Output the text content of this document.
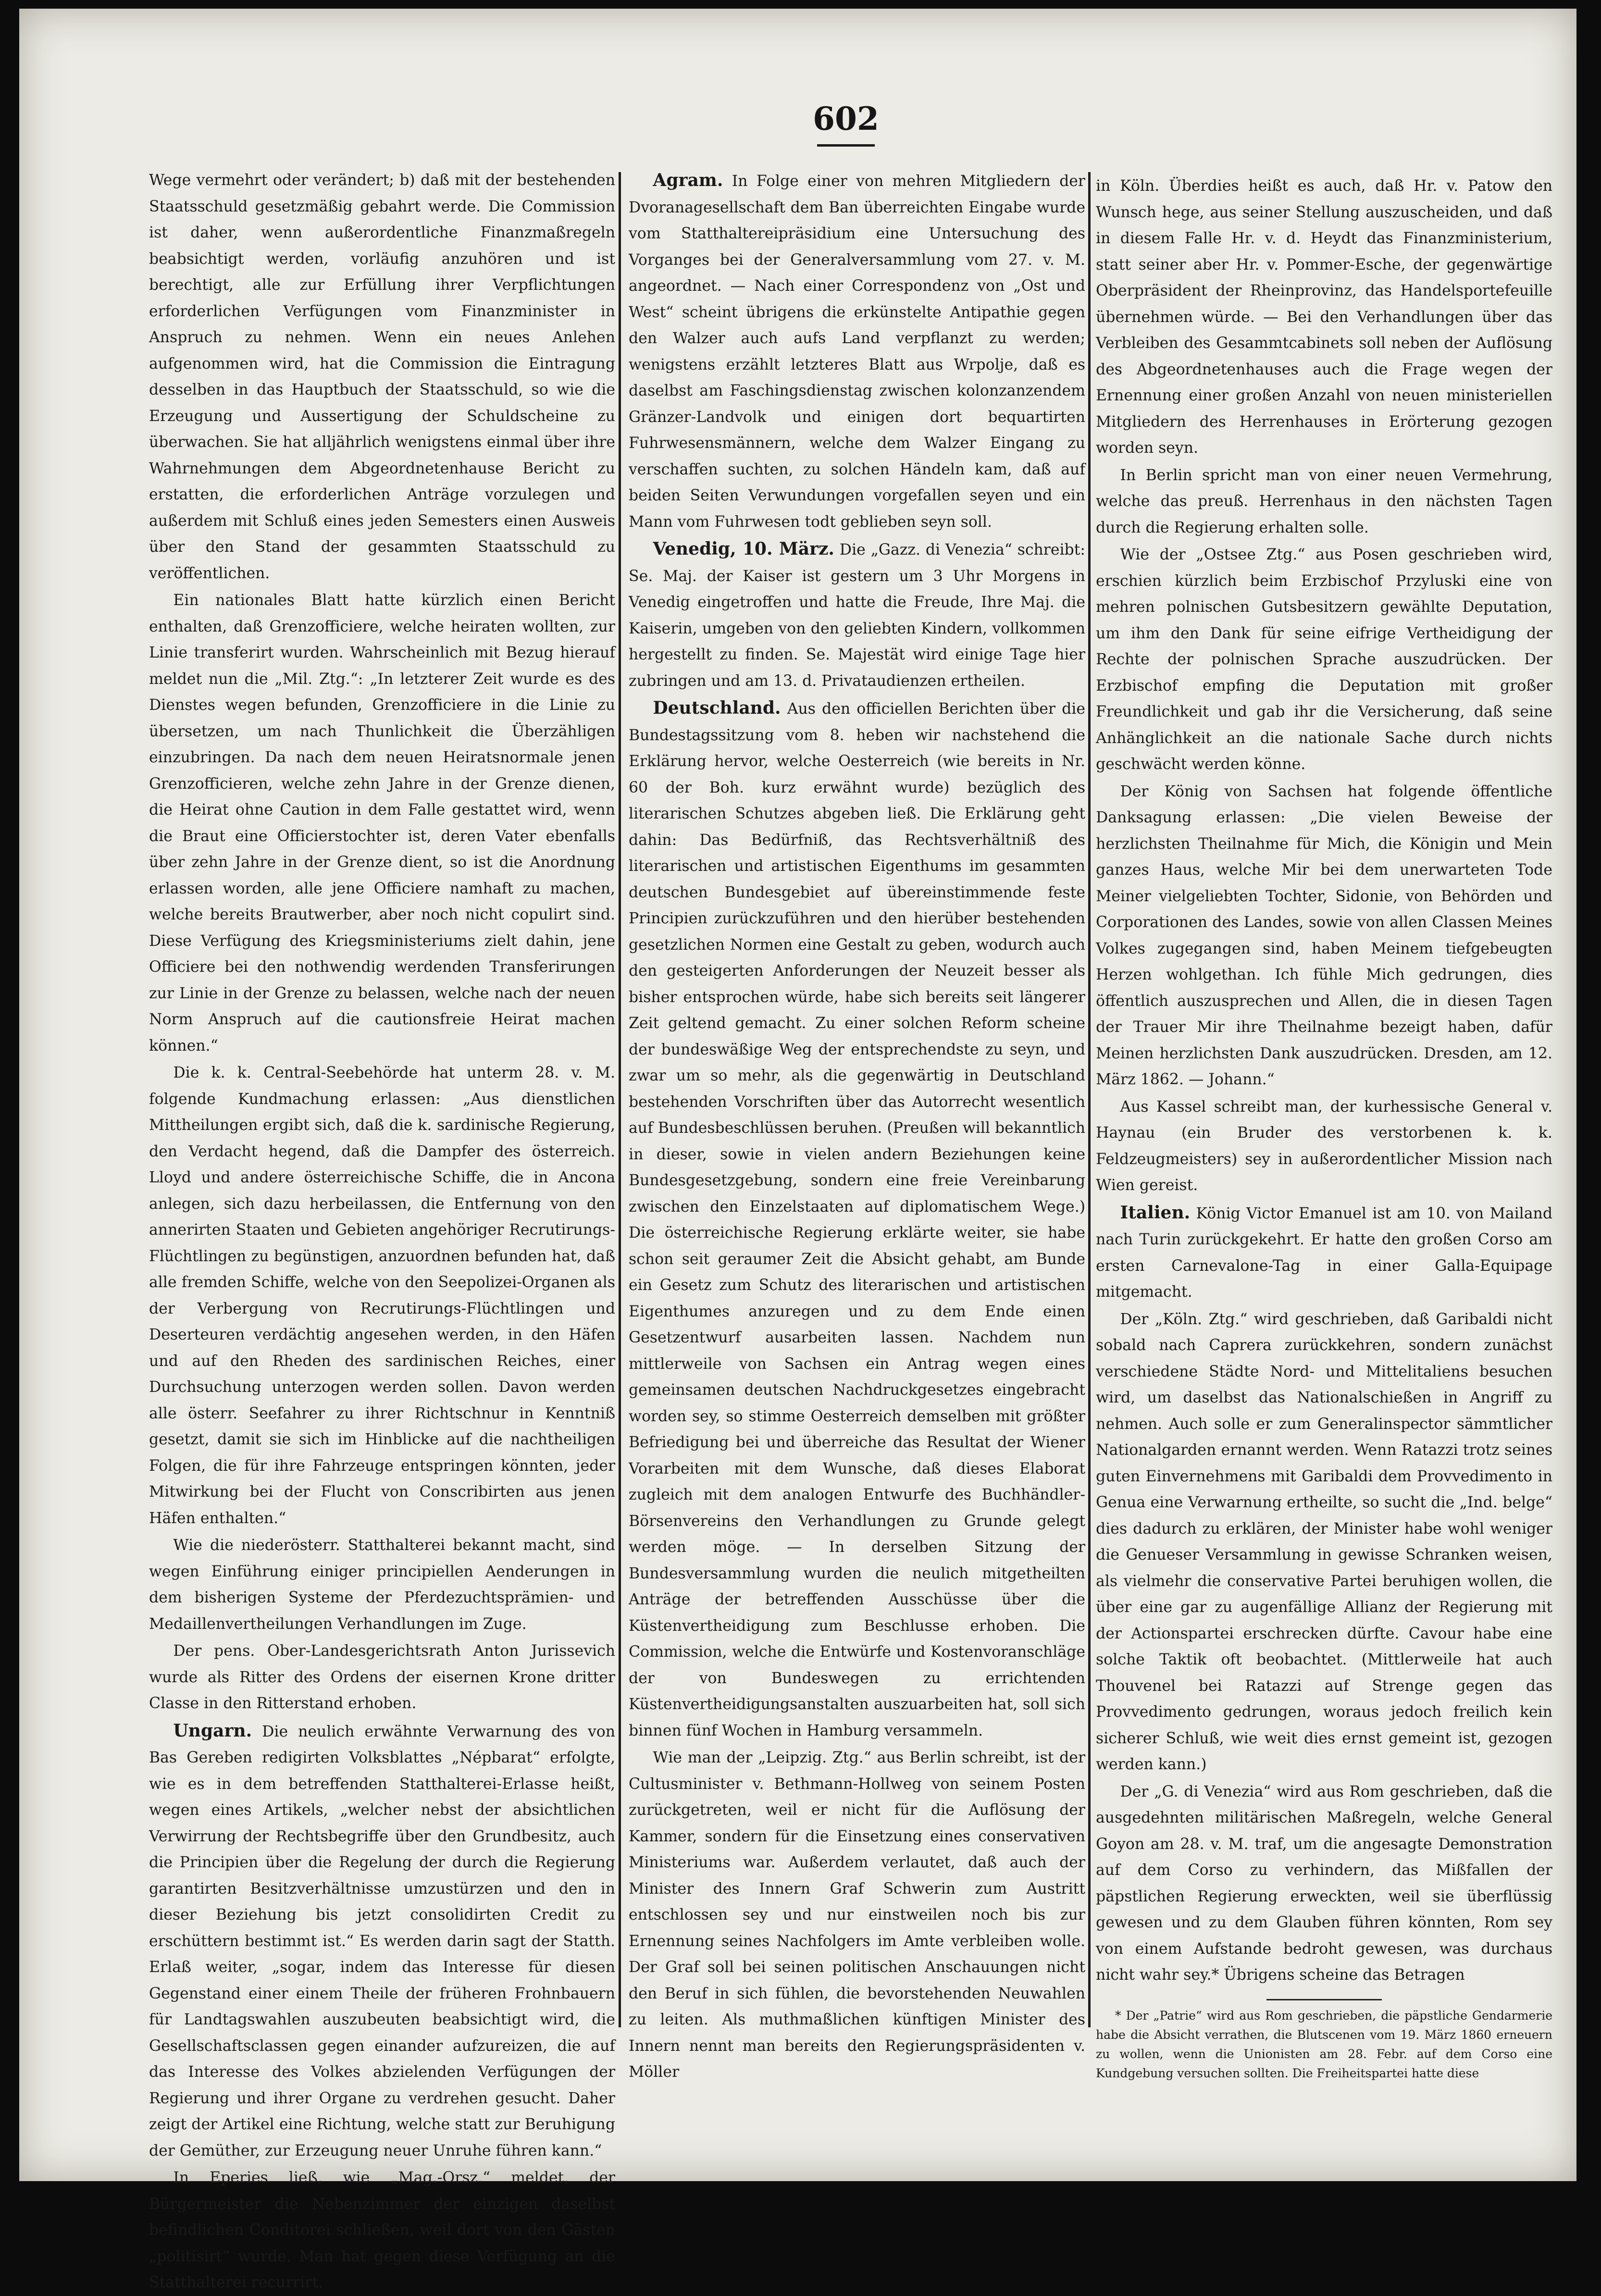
602

Wege vermehrt oder verändert; b) daß mit der bestehenden Staatsschuld gesetzmäßig gebahrt werde. Die Commission ist daher, wenn außerordentliche Finanzmaßregeln beabsichtigt werden, vorläufig anzuhören und ist berechtigt, alle zur Erfüllung ihrer Verpflichtungen erforderlichen Verfügungen vom Finanzminister in Anspruch zu nehmen. Wenn ein neues Anlehen aufgenommen wird, hat die Commission die Eintragung desselben in das Hauptbuch der Staatsschuld, so wie die Erzeugung und Aussertigung der Schuldscheine zu überwachen. Sie hat alljährlich wenigstens einmal über ihre Wahrnehmungen dem Abgeordnetenhause Bericht zu erstatten, die erforderlichen Anträge vorzulegen und außerdem mit Schluß eines jeden Semesters einen Ausweis über den Stand der gesammten Staatsschuld zu veröffentlichen.

Ein nationales Blatt hatte kürzlich einen Bericht enthalten, daß Grenzofficiere, welche heiraten wollten, zur Linie transferirt wurden. Wahrscheinlich mit Bezug hierauf meldet nun die „Mil. Ztg.“: „In letzterer Zeit wurde es des Dienstes wegen befunden, Grenzofficiere in die Linie zu übersetzen, um nach Thunlichkeit die Überzähligen einzubringen. Da nach dem neuen Heiratsnormale jenen Grenzofficieren, welche zehn Jahre in der Grenze dienen, die Heirat ohne Caution in dem Falle gestattet wird, wenn die Braut eine Officierstochter ist, deren Vater ebenfalls über zehn Jahre in der Grenze dient, so ist die Anordnung erlassen worden, alle jene Officiere namhaft zu machen, welche bereits Brautwerber, aber noch nicht copulirt sind. Diese Verfügung des Kriegsministeriums zielt dahin, jene Officiere bei den nothwendig werdenden Transferirungen zur Linie in der Grenze zu belassen, welche nach der neuen Norm Anspruch auf die cautionsfreie Heirat machen können.“

Die k. k. Central-Seebehörde hat unterm 28. v. M. folgende Kundmachung erlassen: „Aus dienstlichen Mittheilungen ergibt sich, daß die k. sardinische Regierung, den Verdacht hegend, daß die Dampfer des österreich. Lloyd und andere österreichische Schiffe, die in Ancona anlegen, sich dazu herbeilassen, die Entfernung von den annerirten Staaten und Gebieten angehöriger Recrutirungs-Flüchtlingen zu begünstigen, anzuordnen befunden hat, daß alle fremden Schiffe, welche von den Seepolizei-Organen als der Verbergung von Recrutirungs-Flüchtlingen und Deserteuren verdächtig angesehen werden, in den Häfen und auf den Rheden des sardinischen Reiches, einer Durchsuchung unterzogen werden sollen. Davon werden alle österr. Seefahrer zu ihrer Richtschnur in Kenntniß gesetzt, damit sie sich im Hinblicke auf die nachtheiligen Folgen, die für ihre Fahrzeuge entspringen könnten, jeder Mitwirkung bei der Flucht von Conscribirten aus jenen Häfen enthalten.“

Wie die niederösterr. Statthalterei bekannt macht, sind wegen Einführung einiger principiellen Aenderungen in dem bisherigen Systeme der Pferdezuchtsprämien- und Medaillenvertheilungen Verhandlungen im Zuge.

Der pens. Ober-Landesgerichtsrath Anton Jurissevich wurde als Ritter des Ordens der eisernen Krone dritter Classe in den Ritterstand erhoben.

Ungarn. Die neulich erwähnte Verwarnung des von Bas Gereben redigirten Volksblattes „Népbarat“ erfolgte, wie es in dem betreffenden Statthalterei-Erlasse heißt, wegen eines Artikels, „welcher nebst der absichtlichen Verwirrung der Rechtsbegriffe über den Grundbesitz, auch die Principien über die Regelung der durch die Regierung garantirten Besitzverhältnisse umzustürzen und den in dieser Beziehung bis jetzt consolidirten Credit zu erschüttern bestimmt ist.“ Es werden darin sagt der Statth. Erlaß weiter, „sogar, indem das Interesse für diesen Gegenstand einer einem Theile der früheren Frohnbauern für Landtagswahlen auszubeuten beabsichtigt wird, die Gesellschaftsclassen gegen einander aufzureizen, die auf das Interesse des Volkes abzielenden Verfügungen der Regierung und ihrer Organe zu verdrehen gesucht. Daher zeigt der Artikel eine Richtung, welche statt zur Beruhigung der Gemüther, zur Erzeugung neuer Unruhe führen kann.“

In Eperies ließ, wie „Mag.-Orsz.“ meldet, der Bürgermeister die Nebenzimmer der einzigen daselbst befindlichen Conditorei schließen, weil dort von den Gästen „politisirt“ wurde. Man hat gegen diese Verfügung an die Statthalterei recurrirt.

Agram. In Folge einer von mehren Mitgliedern der Dvoranagesellschaft dem Ban überreichten Eingabe wurde vom Statthaltereipräsidium eine Untersuchung des Vorganges bei der Generalversammlung vom 27. v. M. angeordnet. — Nach einer Correspondenz von „Ost und West“ scheint übrigens die erkünstelte Antipathie gegen den Walzer auch aufs Land verpflanzt zu werden; wenigstens erzählt letzteres Blatt aus Wrpolje, daß es daselbst am Faschingsdienstag zwischen kolonzanzendem Gränzer-Landvolk und einigen dort bequartirten Fuhrwesensmännern, welche dem Walzer Eingang zu verschaffen suchten, zu solchen Händeln kam, daß auf beiden Seiten Verwundungen vorgefallen seyen und ein Mann vom Fuhrwesen todt geblieben seyn soll.

Venedig, 10. März. Die „Gazz. di Venezia“ schreibt: Se. Maj. der Kaiser ist gestern um 3 Uhr Morgens in Venedig eingetroffen und hatte die Freude, Ihre Maj. die Kaiserin, umgeben von den geliebten Kindern, vollkommen hergestellt zu finden. Se. Majestät wird einige Tage hier zubringen und am 13. d. Privataudienzen ertheilen.

Deutschland. Aus den officiellen Berichten über die Bundestagssitzung vom 8. heben wir nachstehend die Erklärung hervor, welche Oesterreich (wie bereits in Nr. 60 der Boh. kurz erwähnt wurde) bezüglich des literarischen Schutzes abgeben ließ. Die Erklärung geht dahin: Das Bedürfniß, das Rechtsverhältniß des literarischen und artistischen Eigenthums im gesammten deutschen Bundesgebiet auf übereinstimmende feste Principien zurückzuführen und den hierüber bestehenden gesetzlichen Normen eine Gestalt zu geben, wodurch auch den gesteigerten Anforderungen der Neuzeit besser als bisher entsprochen würde, habe sich bereits seit längerer Zeit geltend gemacht. Zu einer solchen Reform scheine der bundeswäßige Weg der entsprechendste zu seyn, und zwar um so mehr, als die gegenwärtig in Deutschland bestehenden Vorschriften über das Autorrecht wesentlich auf Bundesbeschlüssen beruhen. (Preußen will bekanntlich in dieser, sowie in vielen andern Beziehungen keine Bundesgesetzgebung, sondern eine freie Vereinbarung zwischen den Einzelstaaten auf diplomatischem Wege.) Die österreichische Regierung erklärte weiter, sie habe schon seit geraumer Zeit die Absicht gehabt, am Bunde ein Gesetz zum Schutz des literarischen und artistischen Eigenthumes anzuregen und zu dem Ende einen Gesetzentwurf ausarbeiten lassen. Nachdem nun mittlerweile von Sachsen ein Antrag wegen eines gemeinsamen deutschen Nachdruckgesetzes eingebracht worden sey, so stimme Oesterreich demselben mit größter Befriedigung bei und überreiche das Resultat der Wiener Vorarbeiten mit dem Wunsche, daß dieses Elaborat zugleich mit dem analogen Entwurfe des Buchhändler-Börsenvereins den Verhandlungen zu Grunde gelegt werden möge. — In derselben Sitzung der Bundesversammlung wurden die neulich mitgetheilten Anträge der betreffenden Ausschüsse über die Küstenvertheidigung zum Beschlusse erhoben. Die Commission, welche die Entwürfe und Kostenvoranschläge der von Bundeswegen zu errichtenden Küstenvertheidigungsanstalten auszuarbeiten hat, soll sich binnen fünf Wochen in Hamburg versammeln.

Wie man der „Leipzig. Ztg.“ aus Berlin schreibt, ist der Cultusminister v. Bethmann-Hollweg von seinem Posten zurückgetreten, weil er nicht für die Auflösung der Kammer, sondern für die Einsetzung eines conservativen Ministeriums war. Außerdem verlautet, daß auch der Minister des Innern Graf Schwerin zum Austritt entschlossen sey und nur einstweilen noch bis zur Ernennung seines Nachfolgers im Amte verbleiben wolle. Der Graf soll bei seinen politischen Anschauungen nicht den Beruf in sich fühlen, die bevorstehenden Neuwahlen zu leiten. Als muthmaßlichen künftigen Minister des Innern nennt man bereits den Regierungspräsidenten v. Möller

in Köln. Überdies heißt es auch, daß Hr. v. Patow den Wunsch hege, aus seiner Stellung auszuscheiden, und daß in diesem Falle Hr. v. d. Heydt das Finanzministerium, statt seiner aber Hr. v. Pommer-Esche, der gegenwärtige Oberpräsident der Rheinprovinz, das Handelsportefeuille übernehmen würde. — Bei den Verhandlungen über das Verbleiben des Gesammtcabinets soll neben der Auflösung des Abgeordnetenhauses auch die Frage wegen der Ernennung einer großen Anzahl von neuen ministeriellen Mitgliedern des Herrenhauses in Erörterung gezogen worden seyn.

In Berlin spricht man von einer neuen Vermehrung, welche das preuß. Herrenhaus in den nächsten Tagen durch die Regierung erhalten solle.

Wie der „Ostsee Ztg.“ aus Posen geschrieben wird, erschien kürzlich beim Erzbischof Przyluski eine von mehren polnischen Gutsbesitzern gewählte Deputation, um ihm den Dank für seine eifrige Vertheidigung der Rechte der polnischen Sprache auszudrücken. Der Erzbischof empfing die Deputation mit großer Freundlichkeit und gab ihr die Versicherung, daß seine Anhänglichkeit an die nationale Sache durch nichts geschwächt werden könne.

Der König von Sachsen hat folgende öffentliche Danksagung erlassen: „Die vielen Beweise der herzlichsten Theilnahme für Mich, die Königin und Mein ganzes Haus, welche Mir bei dem unerwarteten Tode Meiner vielgeliebten Tochter, Sidonie, von Behörden und Corporationen des Landes, sowie von allen Classen Meines Volkes zugegangen sind, haben Meinem tiefgebeugten Herzen wohlgethan. Ich fühle Mich gedrungen, dies öffentlich auszusprechen und Allen, die in diesen Tagen der Trauer Mir ihre Theilnahme bezeigt haben, dafür Meinen herzlichsten Dank auszudrücken. Dresden, am 12. März 1862. — Johann.“

Aus Kassel schreibt man, der kurhessische General v. Haynau (ein Bruder des verstorbenen k. k. Feldzeugmeisters) sey in außerordentlicher Mission nach Wien gereist.

Italien. König Victor Emanuel ist am 10. von Mailand nach Turin zurückgekehrt. Er hatte den großen Corso am ersten Carnevalone-Tag in einer Galla-Equipage mitgemacht.

Der „Köln. Ztg.“ wird geschrieben, daß Garibaldi nicht sobald nach Caprera zurückkehren, sondern zunächst verschiedene Städte Nord- und Mittelitaliens besuchen wird, um daselbst das Nationalschießen in Angriff zu nehmen. Auch solle er zum Generalinspector sämmtlicher Nationalgarden ernannt werden. Wenn Ratazzi trotz seines guten Einvernehmens mit Garibaldi dem Provvedimento in Genua eine Verwarnung ertheilte, so sucht die „Ind. belge“ dies dadurch zu erklären, der Minister habe wohl weniger die Genueser Versammlung in gewisse Schranken weisen, als vielmehr die conservative Partei beruhigen wollen, die über eine gar zu augenfällige Allianz der Regierung mit der Actionspartei erschrecken dürfte. Cavour habe eine solche Taktik oft beobachtet. (Mittlerweile hat auch Thouvenel bei Ratazzi auf Strenge gegen das Provvedimento gedrungen, woraus jedoch freilich kein sicherer Schluß, wie weit dies ernst gemeint ist, gezogen werden kann.)

Der „G. di Venezia“ wird aus Rom geschrieben, daß die ausgedehnten militärischen Maßregeln, welche General Goyon am 28. v. M. traf, um die angesagte Demonstration auf dem Corso zu verhindern, das Mißfallen der päpstlichen Regierung erweckten, weil sie überflüssig gewesen und zu dem Glauben führen könnten, Rom sey von einem Aufstande bedroht gewesen, was durchaus nicht wahr sey.* Übrigens scheine das Betragen

* Der „Patrie“ wird aus Rom geschrieben, die päpstliche Gendarmerie habe die Absicht verrathen, die Blutscenen vom 19. März 1860 erneuern zu wollen, wenn die Unionisten am 28. Febr. auf dem Corso eine Kundgebung versuchen sollten. Die Freiheitspartei hatte diese
